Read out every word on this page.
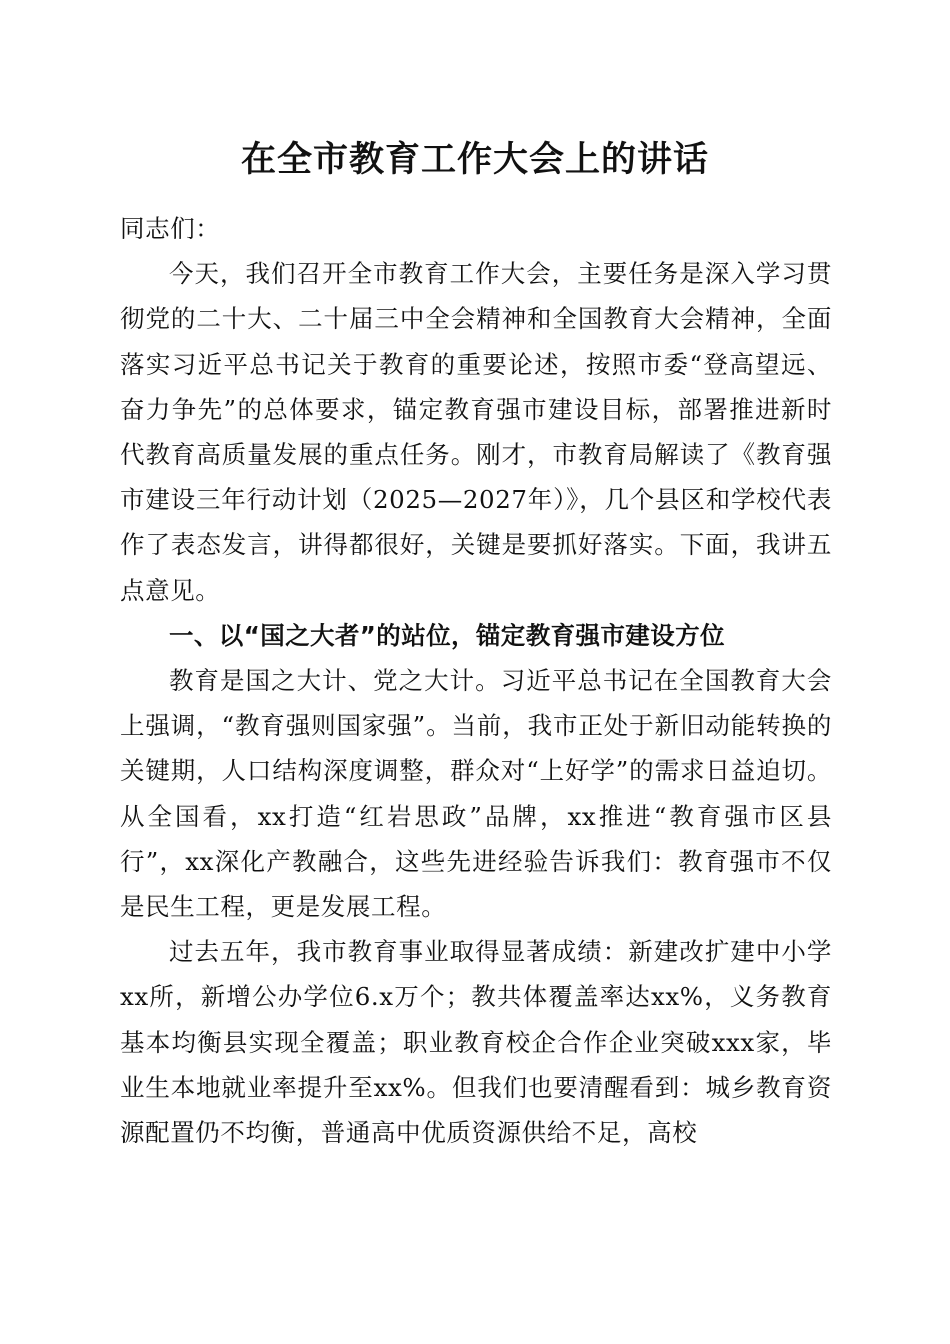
在全市教育工作大会上的讲话

同志们：

今天，我们召开全市教育工作大会，主要任务是深入学习贯彻党的二十大、二十届三中全会精神和全国教育大会精神，全面落实习近平总书记关于教育的重要论述，按照市委“登高望远、奋力争先”的总体要求，锚定教育强市建设目标，部署推进新时代教育高质量发展的重点任务。刚才，市教育局解读了《教育强市建设三年行动计划（2025—2027年）》，几个县区和学校代表作了表态发言，讲得都很好，关键是要抓好落实。下面，我讲五点意见。

一、以“国之大者”的站位，锚定教育强市建设方位

教育是国之大计、党之大计。习近平总书记在全国教育大会上强调，“教育强则国家强”。当前，我市正处于新旧动能转换的关键期，人口结构深度调整，群众对“上好学”的需求日益迫切。从全国看，xx打造“红岩思政”品牌，xx推进“教育强市区县行”，xx深化产教融合，这些先进经验告诉我们：教育强市不仅是民生工程，更是发展工程。

过去五年，我市教育事业取得显著成绩：新建改扩建中小学xx所，新增公办学位6.x万个；教共体覆盖率达xx%，义务教育基本均衡县实现全覆盖；职业教育校企合作企业突破xxx家，毕业生本地就业率提升至xx%。但我们也要清醒看到：城乡教育资源配置仍不均衡，普通高中优质资源供给不足，高校
